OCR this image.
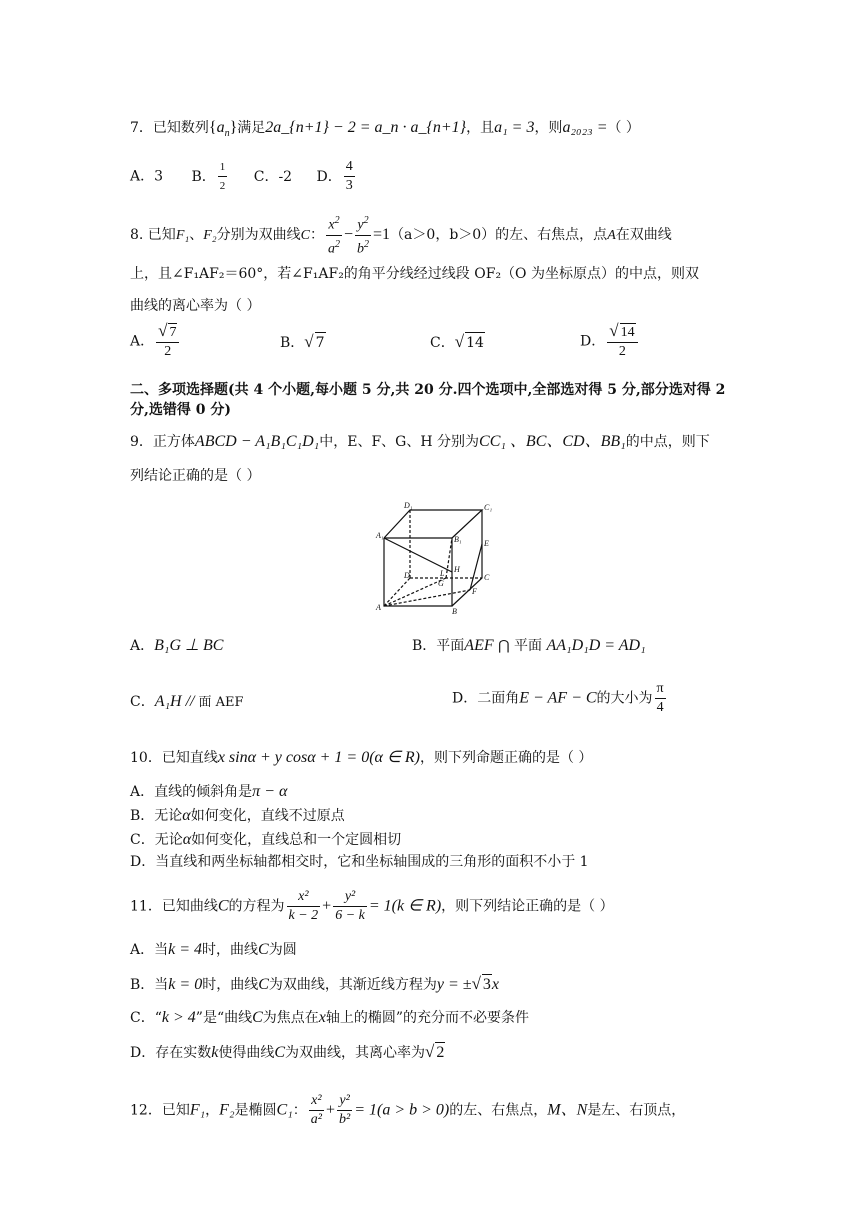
7．已知数列$\{a_n\}$满足2a_{n+1} − 2 = a_n · a_{n+1}，且a₁ = 3，则a₂₀₂₃ =（ ）
A．3 B． $\frac{1}{2}$ C．-2 D． $\frac{4}{3}$
8. 已知F₁、F₂分别为双曲线C： $\frac{x^2}{a^2} - \frac{y^2}{b^2} =1(a>0$，b＞0）的左、右焦点，点A在双曲线
上，且∠F₁AF₂＝60°，若∠F₁AF₂的角平分线经过线段 OF₂（O 为坐标原点）的中点，则双
曲线的离心率为（ ）
A． $\frac{√ 7}{2}$	B．√ 7	C．√ 14	D． $\frac{√ 14}{2}$
二、多项选择题(共 4 个小题,每小题 5 分,共 20 分.四个选项中,全部选对得 5 分,部分选对得 2
分,选错得 0 分)
9．正方体ABCD − A₁B₁C₁D₁中，E、F、G、H 分别为CC₁ 、BC、CD、BB₁的中点，则下
列结论正确的是（ ）
D₁	C₁
A₁	B₁	E
H
D	L
G
C
F
A	B
A．B₁G ⊥ BC	B．平面AEF ⋂ 平面 AA₁D₁D = AD₁
C．A₁H // 面 AEF	D．二面角E − AF − C的大小为 $\frac{\pi}{4}$
10．已知直线x sinα + y cosα + 1 = 0(α ∈ R)，则下列命题正确的是（ ）
A．直线的倾斜角是π − α
B．无论α如何变化，直线不过原点
C．无论α如何变化，直线总和一个定圆相切
D．当直线和两坐标轴都相交时，它和坐标轴围成的三角形的面积不小于 1
11．已知曲线C的方程为 $\frac{\text{x²}}{k - 2} + \frac{\text{y²}}{6 - k} = 1(k$ ∈ R)，则下列结论正确的是（ ）
A．当k = 4时，曲线C为圆
B．当k = 0时，曲线C为双曲线，其渐近线方程为y = ±√ 3x
C．“k > 4”是“曲线C为焦点在x轴上的椭圆”的充分而不必要条件
D．存在实数k使得曲线C为双曲线，其离心率为√ 2
12．已知F₁，F₂是椭圆C₁： $\frac{\text{x²}}{\text{a²}} + \frac{\text{y²}}{\text{b²}} = 1(a > b > 0)$的左、右焦点，M、N是左、右顶点，
